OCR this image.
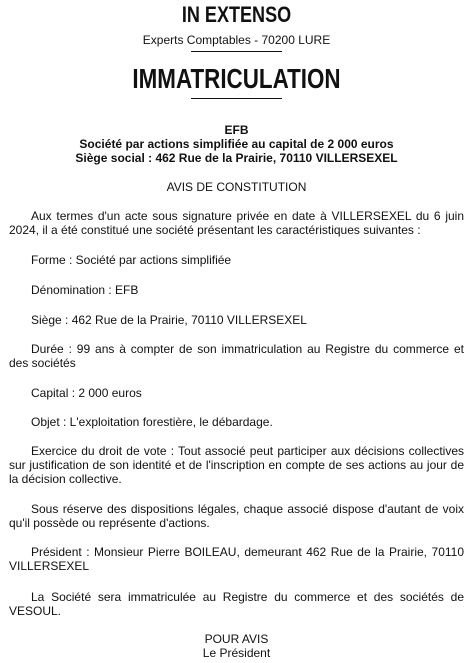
IN EXTENSO
Experts Comptables - 70200 LURE
IMMATRICULATION
EFB
Société par actions simplifiée au capital de 2 000 euros
Siège social : 462 Rue de la Prairie, 70110 VILLERSEXEL
AVIS DE CONSTITUTION
Aux termes d'un acte sous signature privée en date à VILLERSEXEL du 6 juin 2024, il a été constitué une société présentant les caractéristiques suivantes :
Forme : Société par actions simplifiée
Dénomination : EFB
Siège : 462 Rue de la Prairie, 70110 VILLERSEXEL
Durée : 99 ans à compter de son immatriculation au Registre du commerce et des sociétés
Capital : 2 000 euros
Objet : L'exploitation forestière, le débardage.
Exercice du droit de vote : Tout associé peut participer aux décisions collectives sur justification de son identité et de l'inscription en compte de ses actions au jour de la décision collective.
Sous réserve des dispositions légales, chaque associé dispose d'autant de voix qu'il possède ou représente d'actions.
Président : Monsieur Pierre BOILEAU, demeurant 462 Rue de la Prairie, 70110 VILLERSEXEL
La Société sera immatriculée au Registre du commerce et des sociétés de VESOUL.
POUR AVIS
Le Président
